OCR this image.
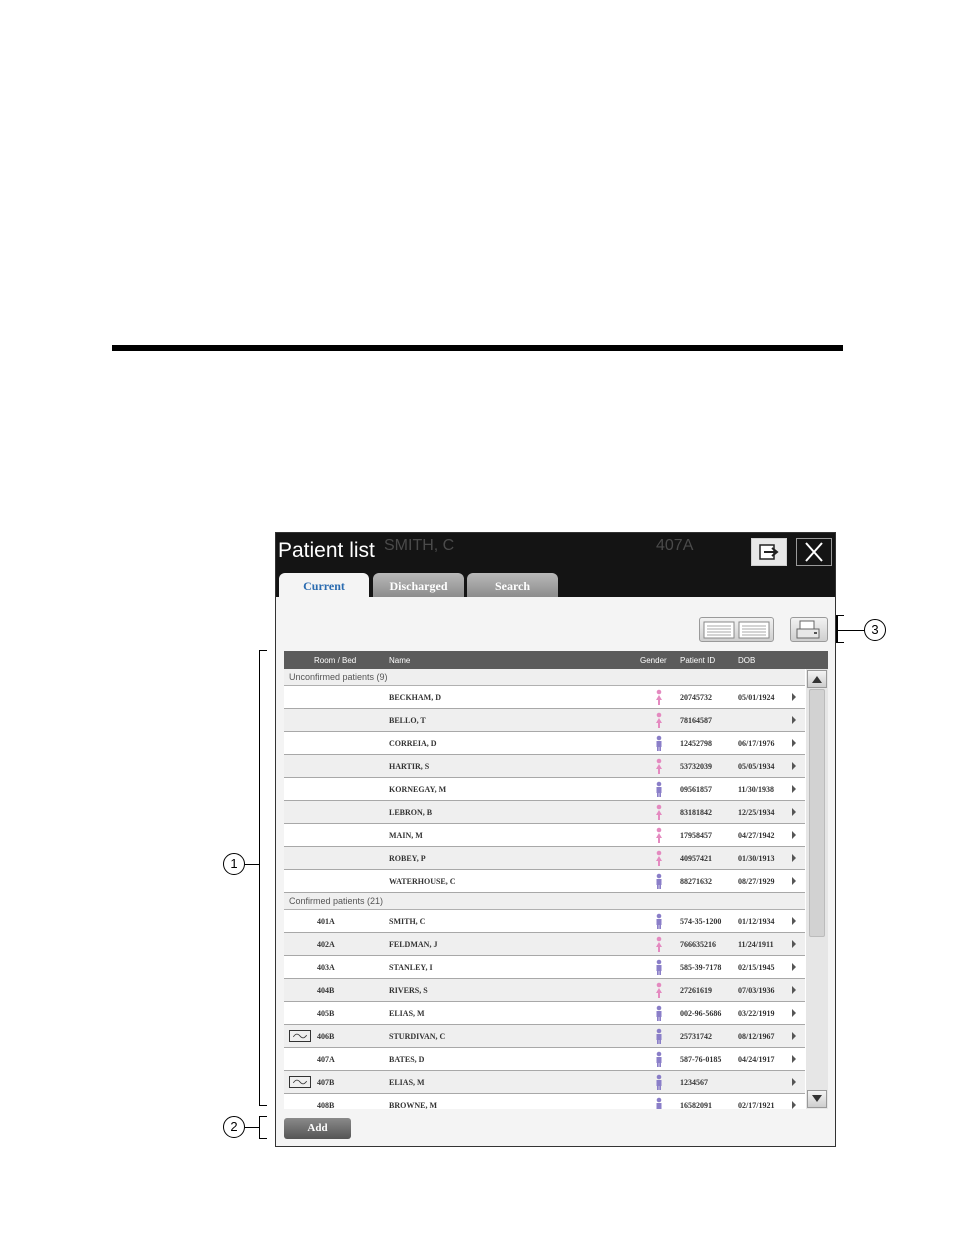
Patient list SMITH, C	407A
Current	Discharged	Search
Room / Bed	Name	Gender Patient ID	DOB
Unconfirmed patients (9)
BECKHAM, D	20745732	05/01/1924
BELLO, T	78164587
CORREIA, D	12452798	06/17/1976
HARTIR, S	53732039	05/05/1934
KORNEGAY, M	09561857	11/30/1938
LEBRON, B	83181842	12/25/1934
MAIN, M	17958457	04/27/1942
ROBEY, P	40957421	01/30/1913
WATERHOUSE, C	88271632	08/27/1929
Confirmed patients (21)
401A	SMITH, C	574-35-1200 01/12/1934
402A	FELDMAN, J	766635216	11/24/1911
403A	STANLEY, I	585-39-7178 02/15/1945
404B	RIVERS, S	27261619	07/03/1936
405B	ELIAS, M	002-96-5686 03/22/1919
406B	STURDIVAN, C	25731742	08/12/1967
407A	BATES, D	587-76-0185 04/24/1917
407B	ELIAS, M	1234567
408B	BROWNE, M	16582091	02/17/1921
Add
3
1
2
